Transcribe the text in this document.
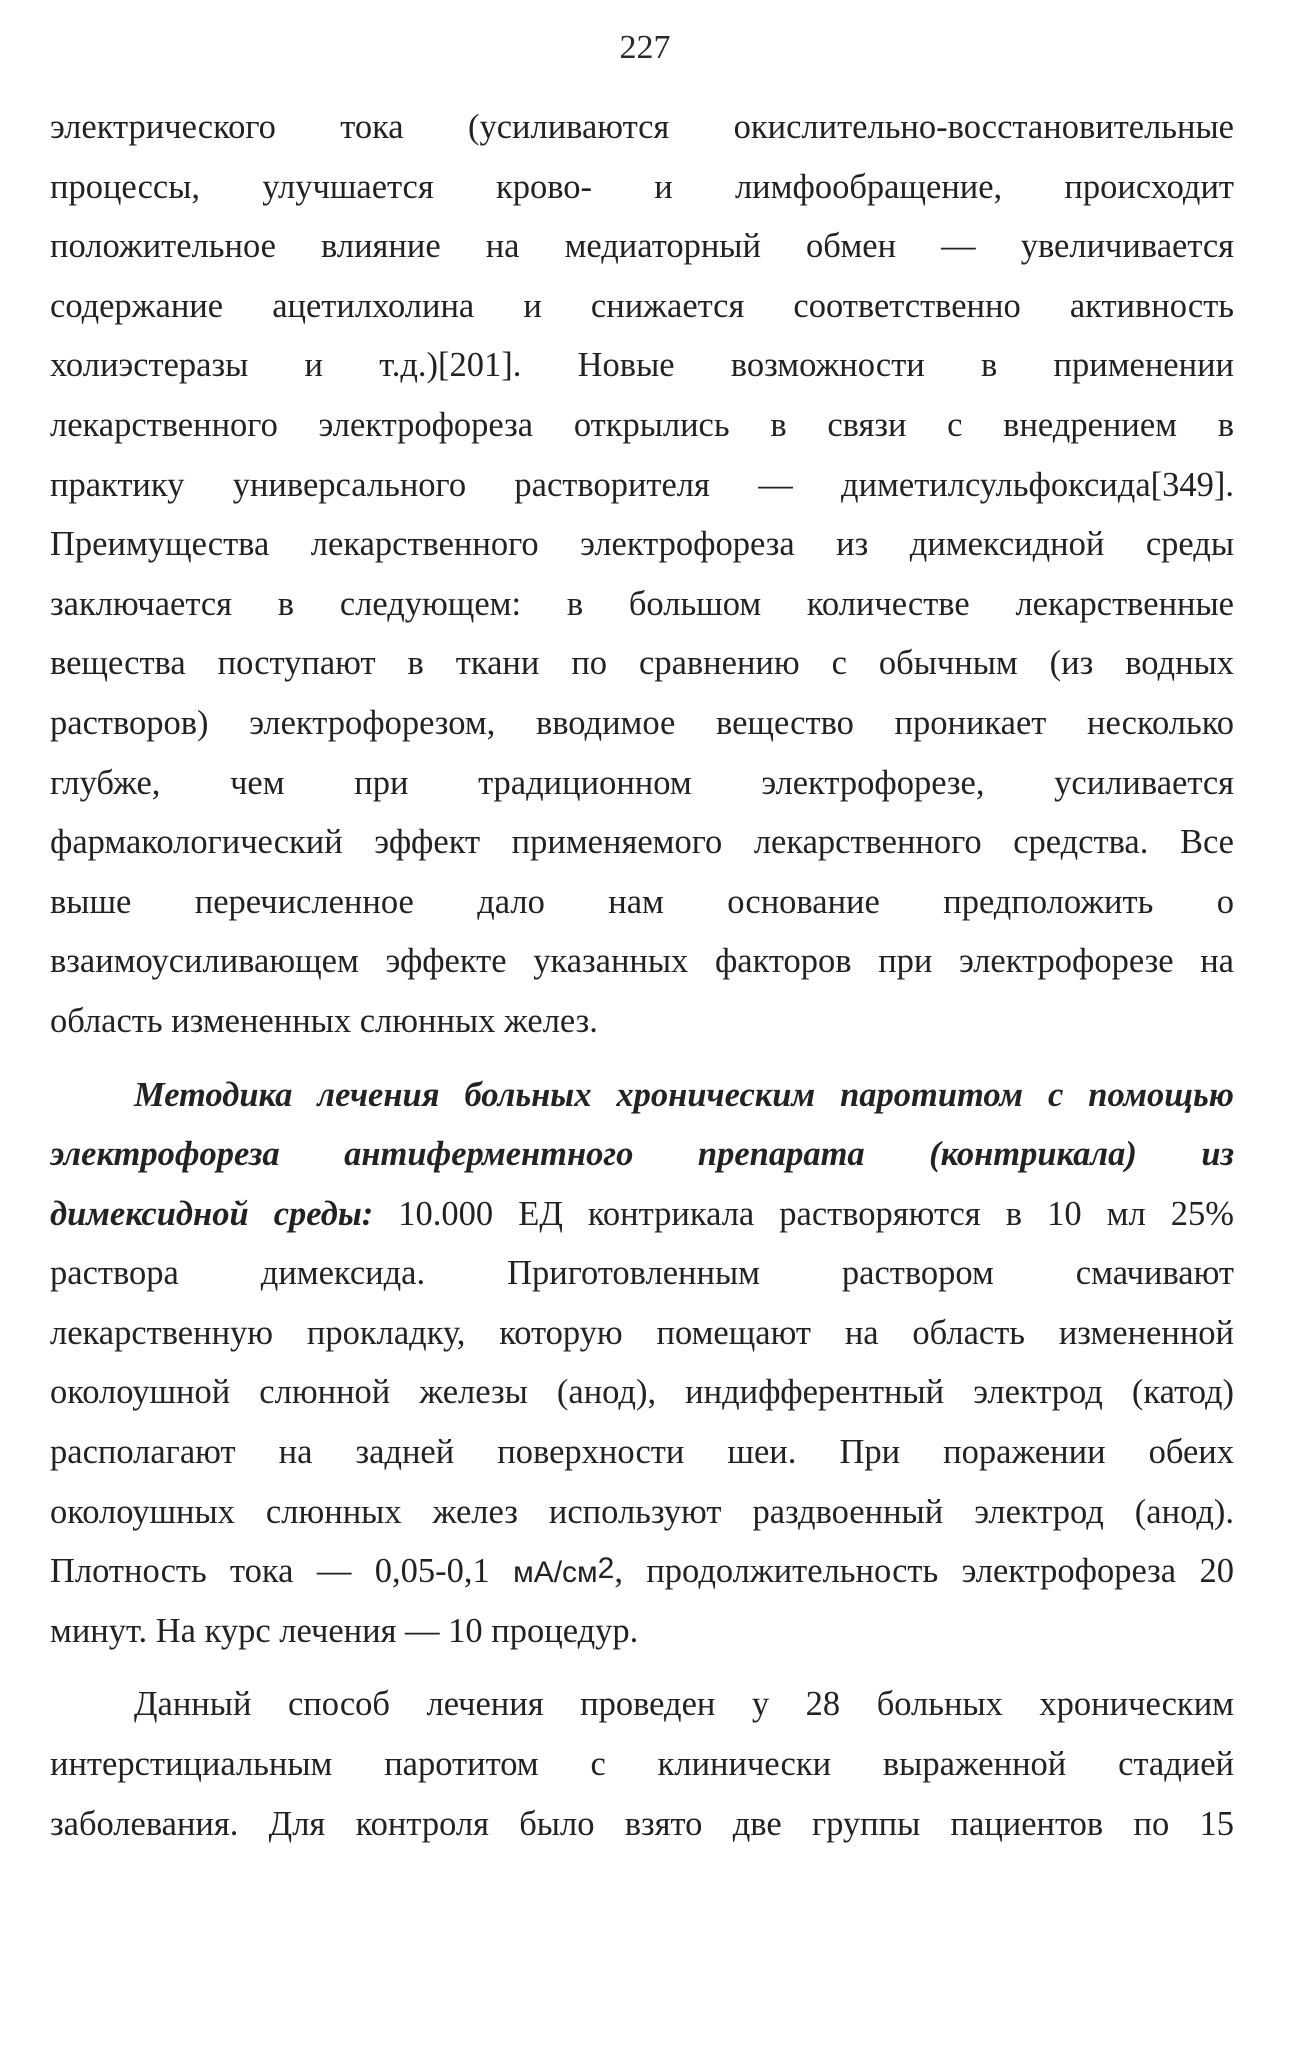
227
электрического тока (усиливаются окислительно-восстановительные
процессы, улучшается крово- и лимфообращение, происходит
положительное влияние на медиаторный обмен — увеличивается
содержание ацетилхолина и снижается соответственно активность
холиэстеразы и т.д.)[201]. Новые возможности в применении
лекарственного электрофореза открылись в связи с внедрением в
практику универсального растворителя — диметилсульфоксида[349].
Преимущества лекарственного электрофореза из димексидной среды
заключается в следующем: в большом количестве лекарственные
вещества поступают в ткани по сравнению с обычным (из водных
растворов) электрофорезом, вводимое вещество проникает несколько
глубже, чем при традиционном электрофорезе, усиливается
фармакологический эффект применяемого лекарственного средства. Все
выше перечисленное дало нам основание предположить о
взаимоусиливающем эффекте указанных факторов при электрофорезе на
область измененных слюнных желез.
Методика лечения больных хроническим паротитом с помощью
электрофореза антиферментного препарата (контрикала) из
димексидной среды: 10.000 ЕД контрикала растворяются в 10 мл 25%
раствора димексида. Приготовленным раствором смачивают
лекарственную прокладку, которую помещают на область измененной
околоушной слюнной железы (анод), индифферентный электрод (катод)
располагают на задней поверхности шеи. При поражении обеих
околоушных слюнных желез используют раздвоенный электрод (анод).
Плотность тока — 0,05-0,1 $мА/см^2$, продолжительность электрофореза 20
минут. На курс лечения — 10 процедур.
Данный способ лечения проведен у 28 больных хроническим
интерстициальным паротитом с клинически выраженной стадией
заболевания. Для контроля было взято две группы пациентов по 15
